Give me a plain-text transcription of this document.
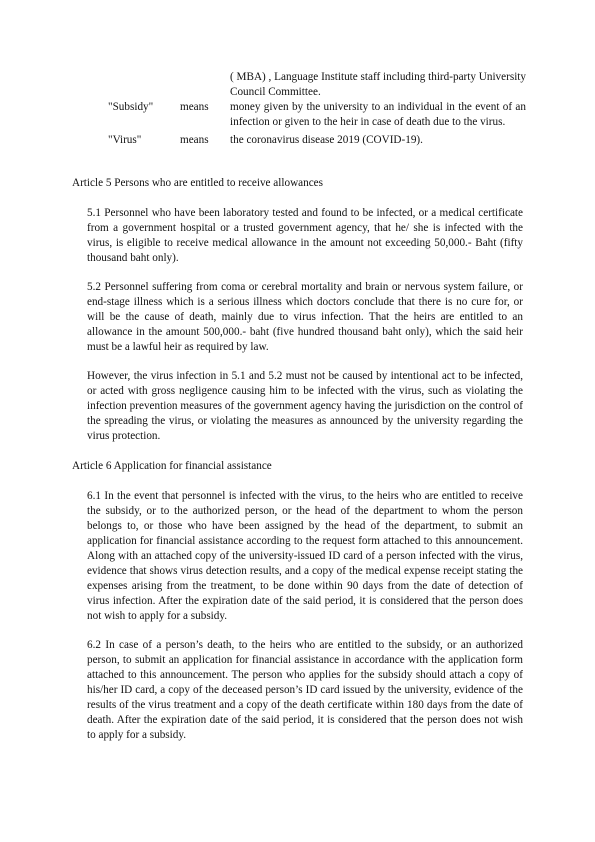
( MBA) , Language Institute staff including third-party University Council Committee.
"Subsidy"	means	money given by the university to an individual in the event of an infection or given to the heir in case of death due to the virus.
"Virus"	means	the coronavirus disease 2019 (COVID-19).

Article 5 Persons who are entitled to receive allowances

5.1 Personnel who have been laboratory tested and found to be infected, or a medical certificate from a government hospital or a trusted government agency, that he/ she is infected with the virus, is eligible to receive medical allowance in the amount not exceeding 50,000.- Baht (fifty thousand baht only).

5.2 Personnel suffering from coma or cerebral mortality and brain or nervous system failure, or end-stage illness which is a serious illness which doctors conclude that there is no cure for, or will be the cause of death, mainly due to virus infection. That the heirs are entitled to an allowance in the amount 500,000.- baht (five hundred thousand baht only), which the said heir must be a lawful heir as required by law.

However, the virus infection in 5.1 and 5.2 must not be caused by intentional act to be infected, or acted with gross negligence causing him to be infected with the virus, such as violating the infection prevention measures of the government agency having the jurisdiction on the control of the spreading the virus, or violating the measures as announced by the university regarding the virus protection.

Article 6 Application for financial assistance

6.1 In the event that personnel is infected with the virus, to the heirs who are entitled to receive the subsidy, or to the authorized person, or the head of the department to whom the person belongs to, or those who have been assigned by the head of the department, to submit an application for financial assistance according to the request form attached to this announcement. Along with an attached copy of the university-issued ID card of a person infected with the virus, evidence that shows virus detection results, and a copy of the medical expense receipt stating the expenses arising from the treatment, to be done within 90 days from the date of detection of virus infection. After the expiration date of the said period, it is considered that the person does not wish to apply for a subsidy.

6.2 In case of a person’s death, to the heirs who are entitled to the subsidy, or an authorized person, to submit an application for financial assistance in accordance with the application form attached to this announcement. The person who applies for the subsidy should attach a copy of his/her ID card, a copy of the deceased person’s ID card issued by the university, evidence of the results of the virus treatment and a copy of the death certificate within 180 days from the date of death. After the expiration date of the said period, it is considered that the person does not wish to apply for a subsidy.
